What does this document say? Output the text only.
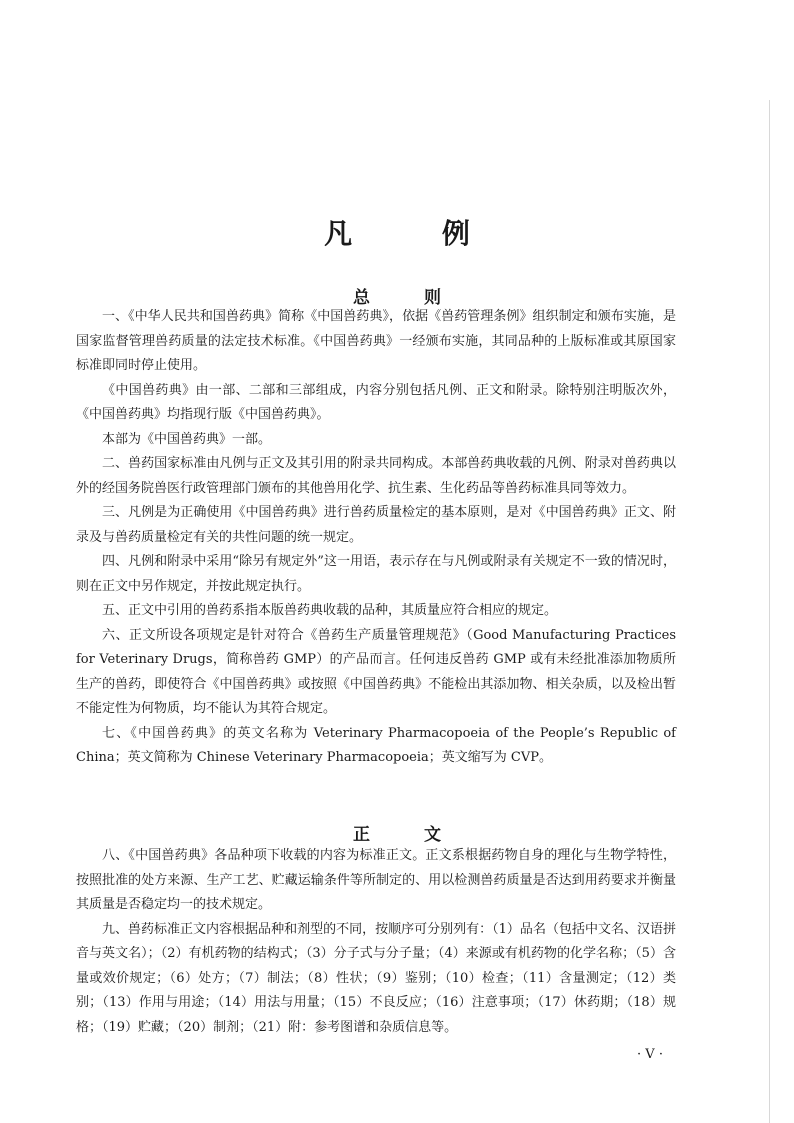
凡 例
总 则

一、《中华人民共和国兽药典》简称《中国兽药典》，依据《兽药管理条例》组织制定和颁布实施，是国家监督管理兽药质量的法定技术标准。《中国兽药典》一经颁布实施，其同品种的上版标准或其原国家标准即同时停止使用。

《中国兽药典》由一部、二部和三部组成，内容分别包括凡例、正文和附录。除特别注明版次外，《中国兽药典》均指现行版《中国兽药典》。

本部为《中国兽药典》一部。

二、兽药国家标准由凡例与正文及其引用的附录共同构成。本部兽药典收载的凡例、附录对兽药典以外的经国务院兽医行政管理部门颁布的其他兽用化学、抗生素、生化药品等兽药标准具同等效力。

三、凡例是为正确使用《中国兽药典》进行兽药质量检定的基本原则，是对《中国兽药典》正文、附录及与兽药质量检定有关的共性问题的统一规定。

四、凡例和附录中采用“除另有规定外”这一用语，表示存在与凡例或附录有关规定不一致的情况时，则在正文中另作规定，并按此规定执行。

五、正文中引用的兽药系指本版兽药典收载的品种，其质量应符合相应的规定。

六、正文所设各项规定是针对符合《兽药生产质量管理规范》（Good Manufacturing Practices for Veterinary Drugs，简称兽药 GMP）的产品而言。任何违反兽药 GMP 或有未经批准添加物质所生产的兽药，即使符合《中国兽药典》或按照《中国兽药典》不能检出其添加物、相关杂质，以及检出暂不能定性为何物质，均不能认为其符合规定。

七、《中国兽药典》的英文名称为 Veterinary Pharmacopoeia of the People’s Republic of China；英文简称为 Chinese Veterinary Pharmacopoeia；英文缩写为 CVP。

正 文

八、《中国兽药典》各品种项下收载的内容为标准正文。正文系根据药物自身的理化与生物学特性，按照批准的处方来源、生产工艺、贮藏运输条件等所制定的、用以检测兽药质量是否达到用药要求并衡量其质量是否稳定均一的技术规定。

九、兽药标准正文内容根据品种和剂型的不同，按顺序可分别列有：（1）品名（包括中文名、汉语拼音与英文名）；（2）有机药物的结构式；（3）分子式与分子量；（4）来源或有机药物的化学名称；（5）含量或效价规定；（6）处方；（7）制法；（8）性状；（9）鉴别；（10）检查；（11）含量测定；（12）类别；（13）作用与用途；（14）用法与用量；（15）不良反应；（16）注意事项；（17）休药期；（18）规格；（19）贮藏；（20）制剂；（21）附：参考图谱和杂质信息等。

· V ·
